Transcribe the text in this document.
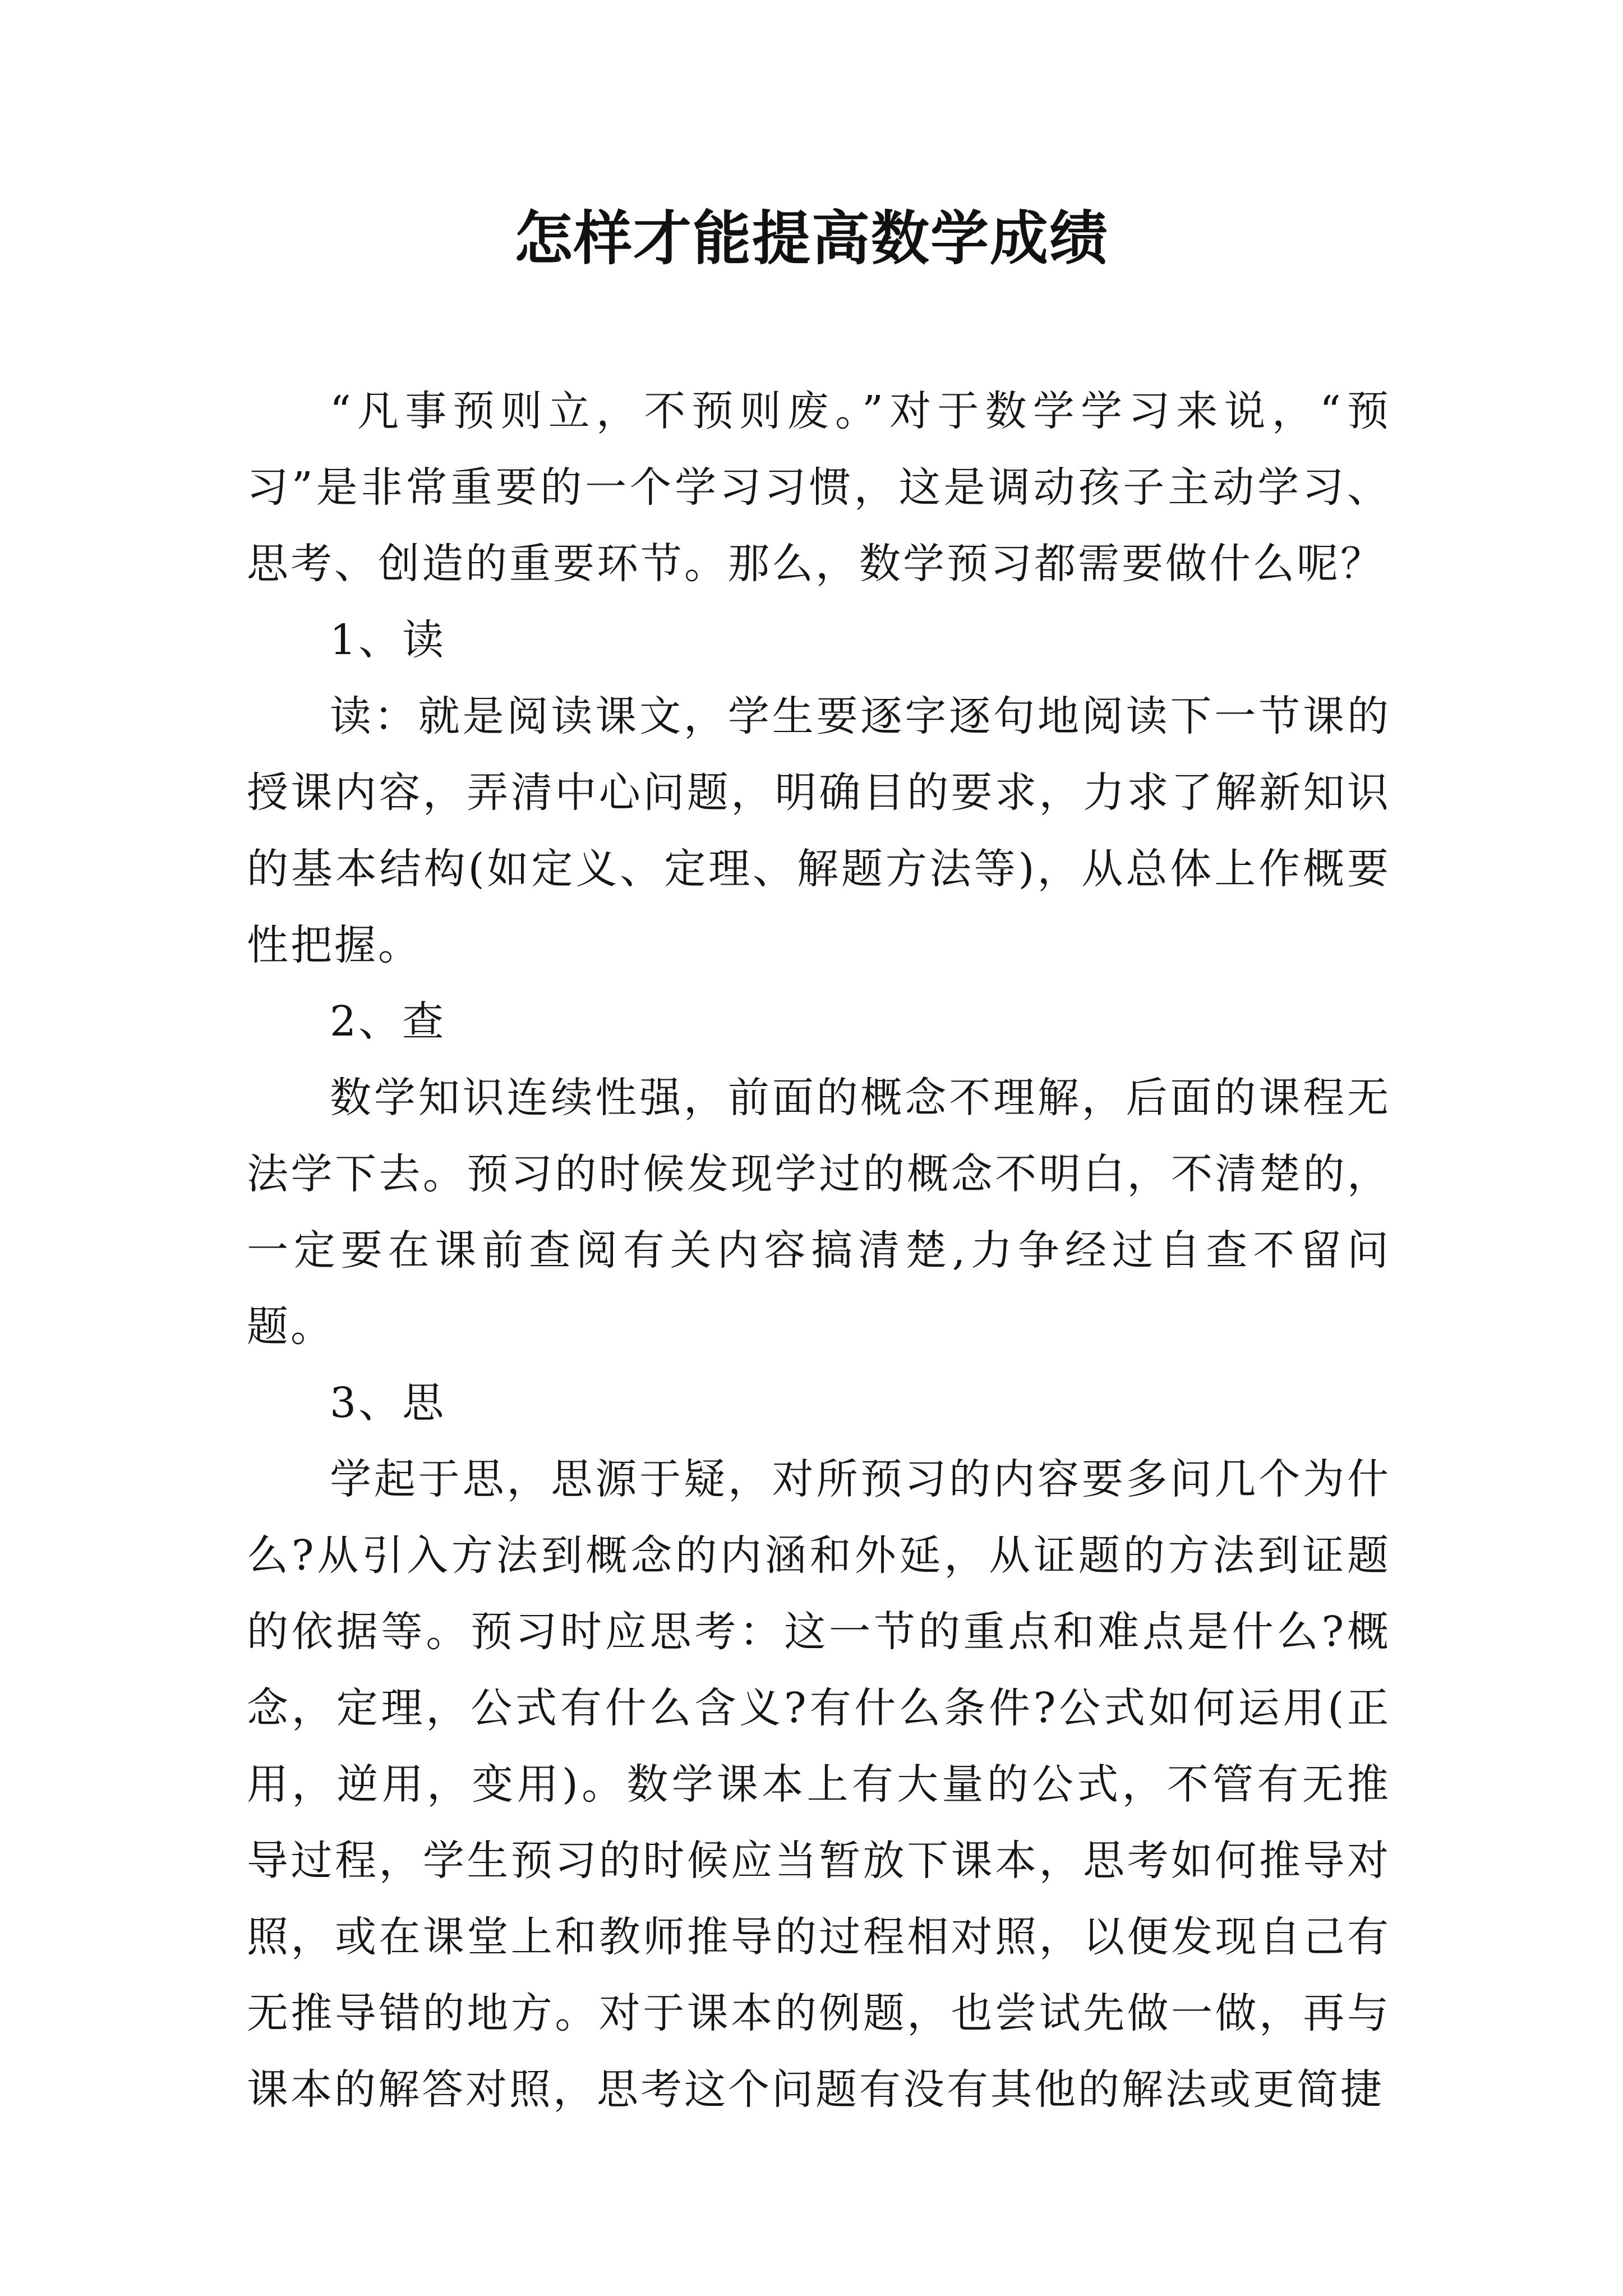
怎样才能提高数学成绩

“凡事预则立，不预则废。”对于数学学习来说，“预习”是非常重要的一个学习习惯，这是调动孩子主动学习、思考、创造的重要环节。那么，数学预习都需要做什么呢？

1、读

读：就是阅读课文，学生要逐字逐句地阅读下一节课的授课内容，弄清中心问题，明确目的要求，力求了解新知识的基本结构(如定义、定理、解题方法等)，从总体上作概要性把握。

2、查

数学知识连续性强，前面的概念不理解，后面的课程无法学下去。预习的时候发现学过的概念不明白，不清楚的，一定要在课前查阅有关内容搞清楚,力争经过自查不留问题。

3、思

学起于思，思源于疑，对所预习的内容要多问几个为什么?从引入方法到概念的内涵和外延，从证题的方法到证题的依据等。预习时应思考：这一节的重点和难点是什么?概念，定理，公式有什么含义?有什么条件?公式如何运用(正用，逆用，变用)。数学课本上有大量的公式，不管有无推导过程，学生预习的时候应当暂放下课本，思考如何推导对照，或在课堂上和教师推导的过程相对照，以便发现自己有无推导错的地方。对于课本的例题，也尝试先做一做，再与课本的解答对照，思考这个问题有没有其他的解法或更简捷
